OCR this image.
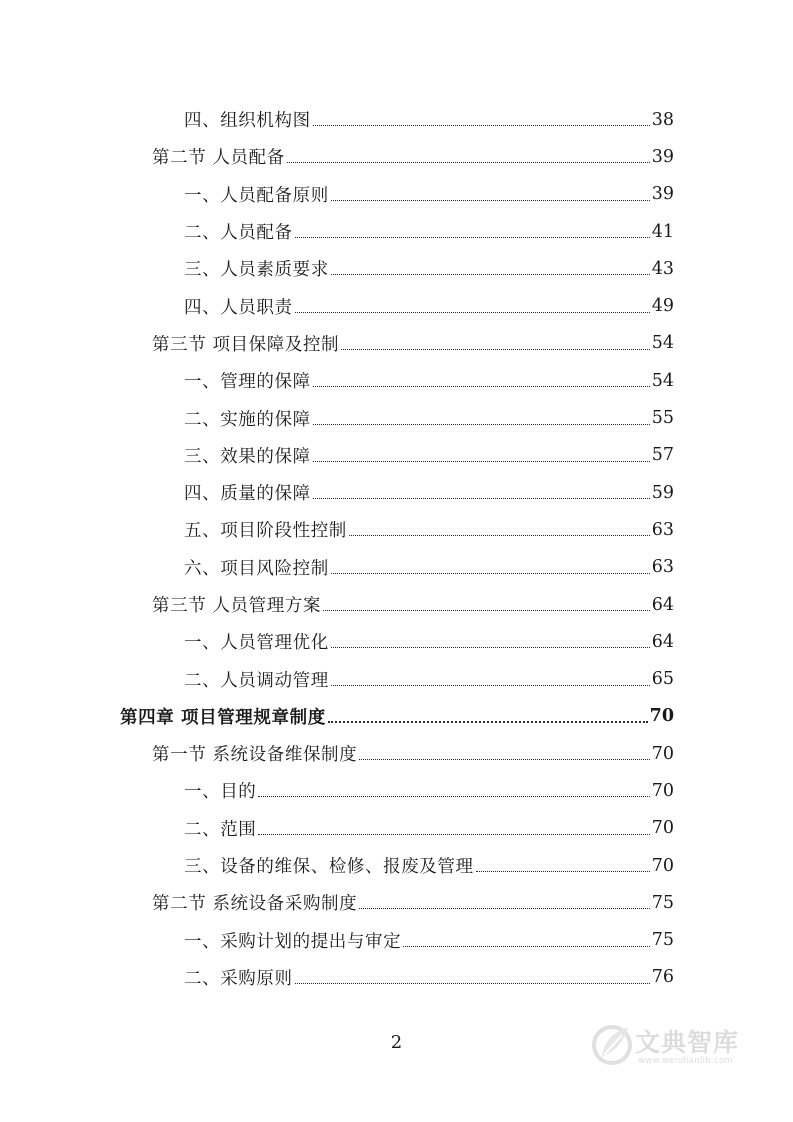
四、组织机构图	38
第二节 人员配备	39
一、人员配备原则	39
二、人员配备	41
三、人员素质要求	43
四、人员职责	49
第三节 项目保障及控制	54
一、管理的保障	54
二、实施的保障	55
三、效果的保障	57
四、质量的保障	59
五、项目阶段性控制	63
六、项目风险控制	63
第三节 人员管理方案	64
一、人员管理优化	64
二、人员调动管理	65
第四章 项目管理规章制度	70
第一节 系统设备维保制度	70
一、目的	70
二、范围	70
三、设备的维保、检修、报废及管理	70
第二节 系统设备采购制度	75
一、采购计划的提出与审定	75
二、采购原则	76
2	文典智库
www.wendianlib.com
